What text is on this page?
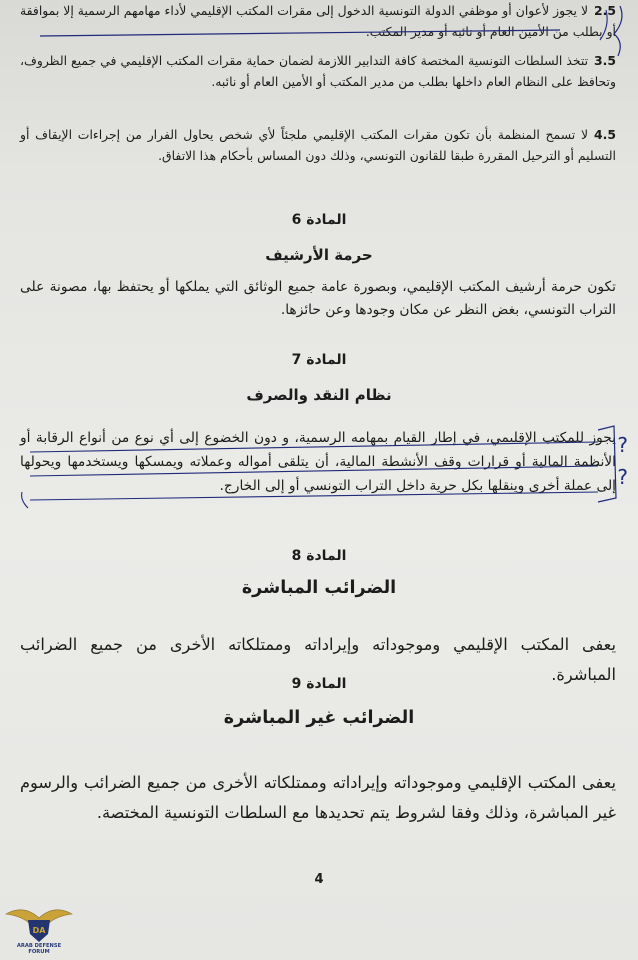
2.5لا يجوز لأعوان أو موظفي الدولة التونسية الدخول إلى مقرات المكتب الإقليمي لأداء مهامهم الرسمية إلا بموافقة أو بطلب من الأمين العام أو نائبه أو مدير المكتب.
3.5تتخذ السلطات التونسية المختصة كافة التدابير اللازمة لضمان حماية مقرات المكتب الإقليمي في جميع الظروف، وتحافظ على النظام العام داخلها بطلب من مدير المكتب أو الأمين العام أو نائبه.
4.5لا تسمح المنظمة بأن تكون مقرات المكتب الإقليمي ملجئاً لأي شخص يحاول الفرار من إجراءات الإيقاف أو التسليم أو الترحيل المقررة طبقا للقانون التونسي، وذلك دون المساس بأحكام هذا الاتفاق.
المادة 6
حرمة الأرشيف
تكون حرمة أرشيف المكتب الإقليمي، وبصورة عامة جميع الوثائق التي يملكها أو يحتفظ بها، مصونة على التراب التونسي، بغض النظر عن مكان وجودها وعن حائزها.
المادة 7
نظام النقد والصرف
يجوز للمكتب الإقليمي، في إطار القيام بمهامه الرسمية، و دون الخضوع إلى أي نوع من أنواع الرقابة أو الأنظمة المالية أو قرارات وقف الأنشطة المالية، أن يتلقى أمواله وعملاته ويمسكها ويستخدمها ويحولها إلى عملة أخرى وينقلها بكل حرية داخل التراب التونسي أو إلى الخارج.
المادة 8
الضرائب المباشرة
يعفى المكتب الإقليمي وموجوداته وإيراداته وممتلكاته الأخرى من جميع الضرائب المباشرة.
المادة 9
الضرائب غير المباشرة
يعفى المكتب الإقليمي وموجوداته وإيراداته وممتلكاته الأخرى من جميع الضرائب والرسوم غير المباشرة، وذلك وفقا لشروط يتم تحديدها مع السلطات التونسية المختصة.
4
?
?
DA
ARAB DEFENSE FORUM
